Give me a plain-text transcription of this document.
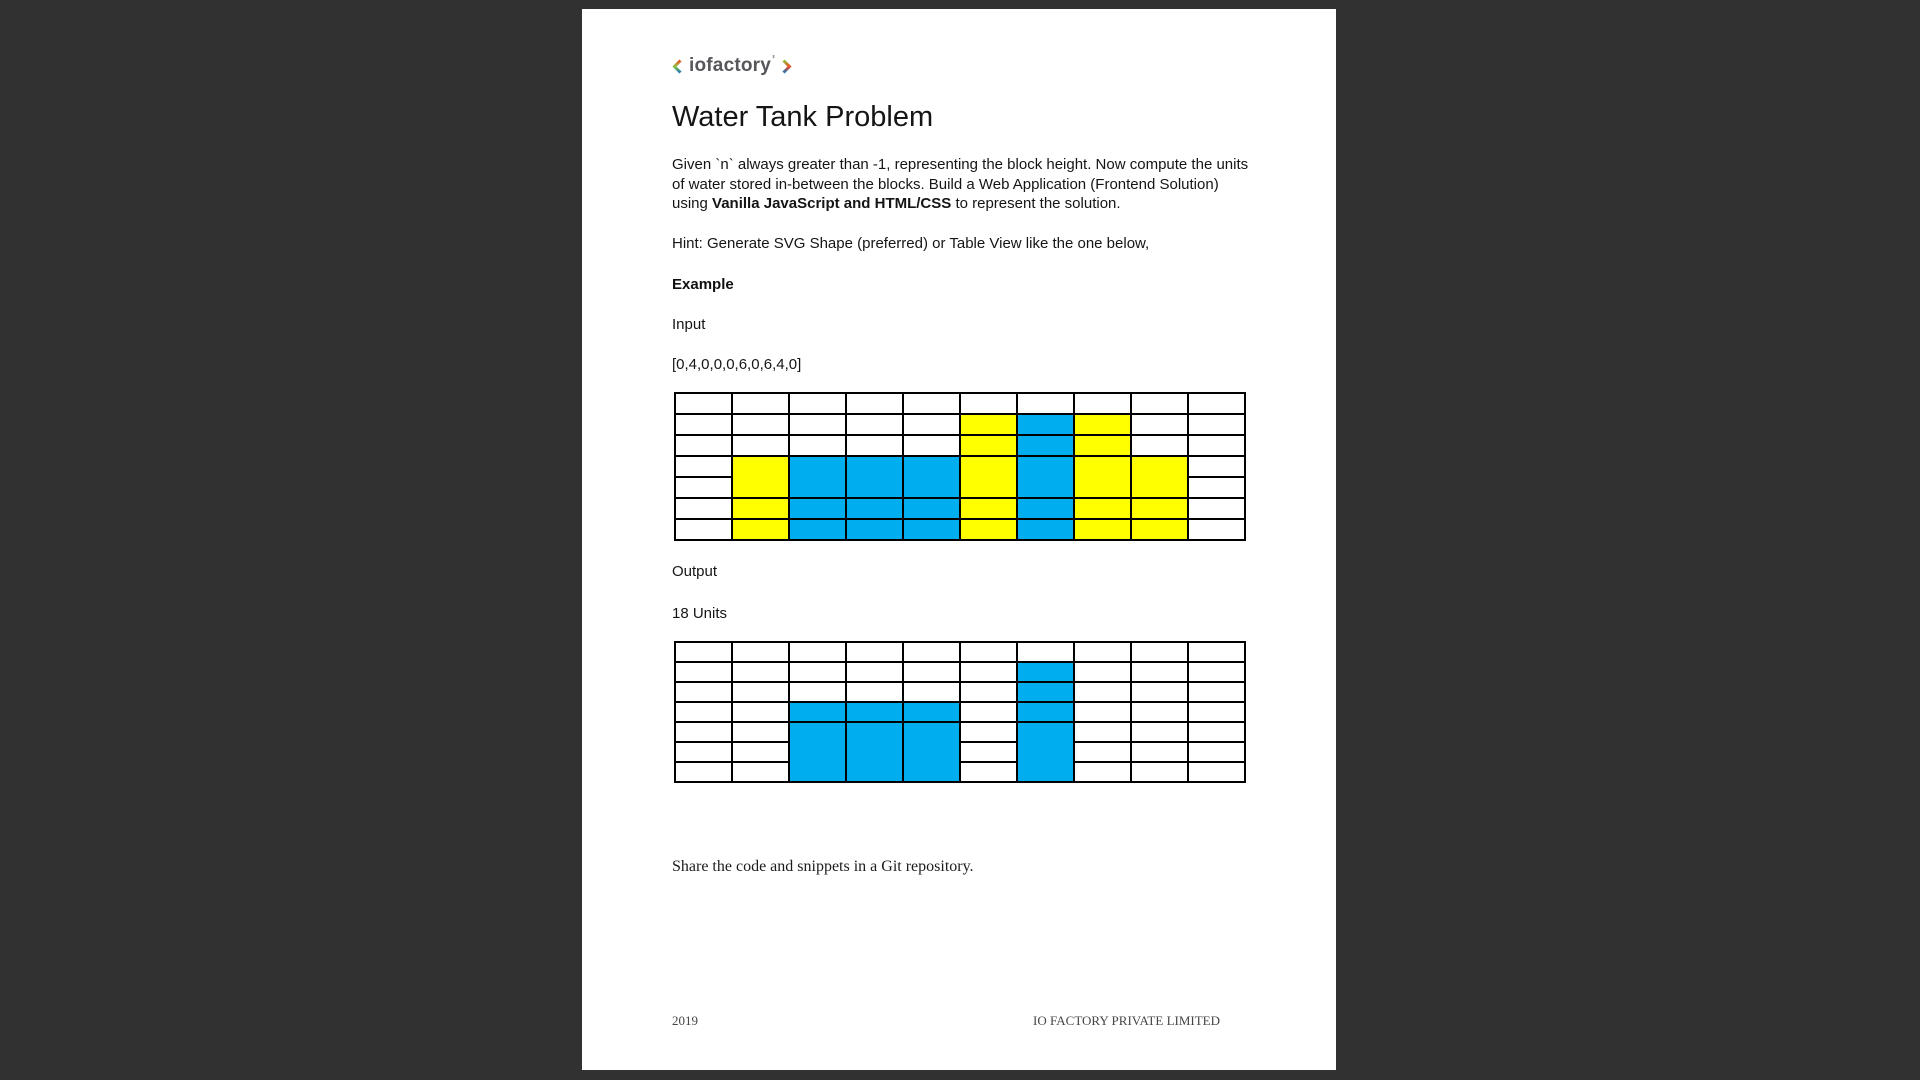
iofactory'
Water Tank Problem
Given `n` always greater than -1, representing the block height. Now compute the units
of water stored in-between the blocks. Build a Web Application (Frontend Solution)
using Vanilla JavaScript and HTML/CSS to represent the solution.
Hint: Generate SVG Shape (preferred) or Table View like the one below,
Example
Input
[0,4,0,0,0,6,0,6,4,0]

Output
18 Units

Share the code and snippets in a Git repository.
2019	IO FACTORY PRIVATE LIMITED
